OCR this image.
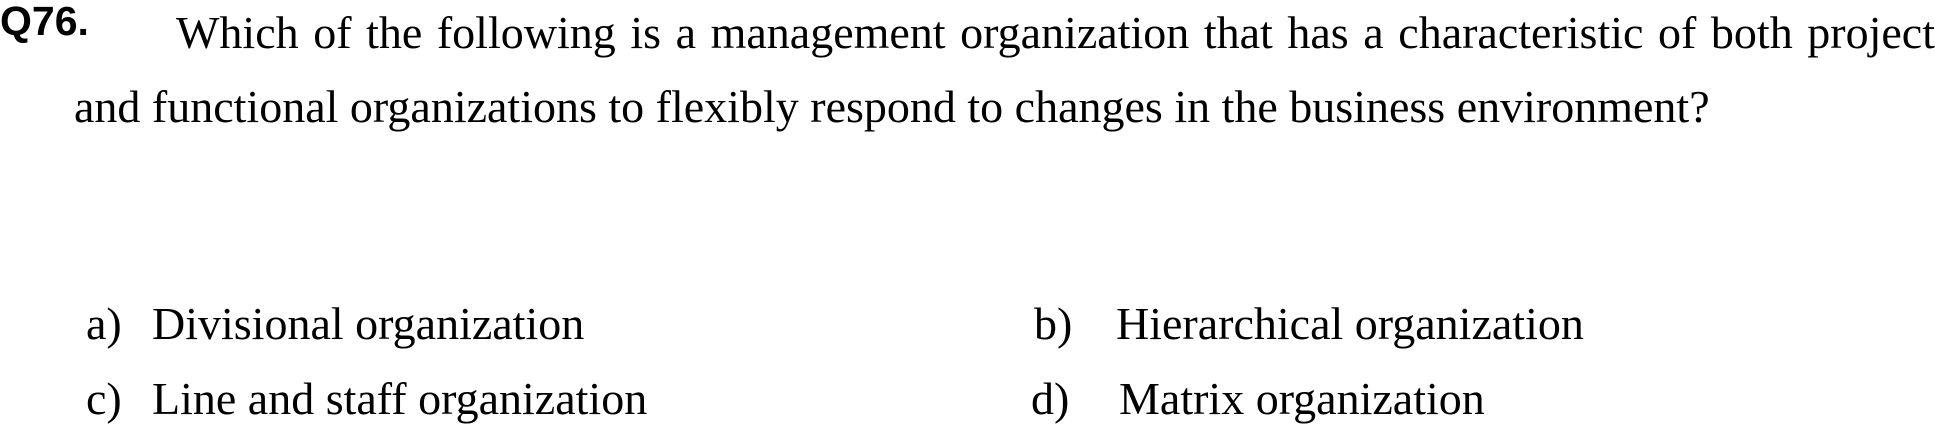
Q76.	Which of the following is a management organization that has a characteristic of both project and functional organizations to flexibly respond to changes in the business environment?

a) Divisional organization	b) Hierarchical organization
c) Line and staff organization	d) Matrix organization
